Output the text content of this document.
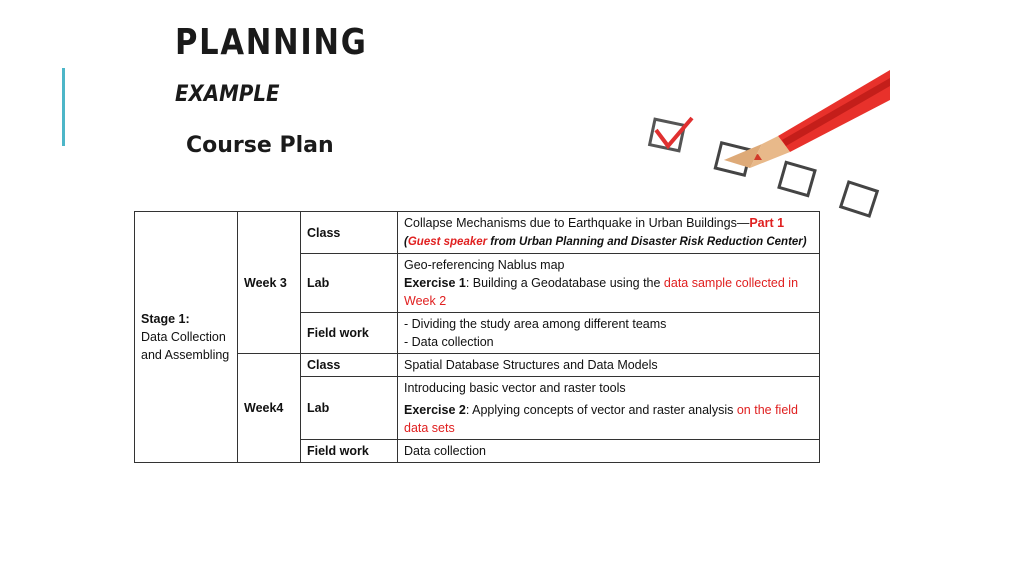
PLANNING
EXAMPLE
Course Plan
Stage 1:
Data Collection and Assembling	Week 3	Class	Collapse Mechanisms due to Earthquake in Urban Buildings—Part 1
(Guest speaker from Urban Planning and Disaster Risk Reduction Center)
		Lab	Geo-referencing Nablus map
Exercise 1: Building a Geodatabase using the data sample collected in Week 2
		Field work	- Dividing the study area among different teams
- Data collection

	Week4	Class	Spatial Database Structures and Data Models
		Lab	Introducing basic vector and raster tools
			Exercise 2: Applying concepts of vector and raster analysis on the field data sets
		Field work	Data collection
